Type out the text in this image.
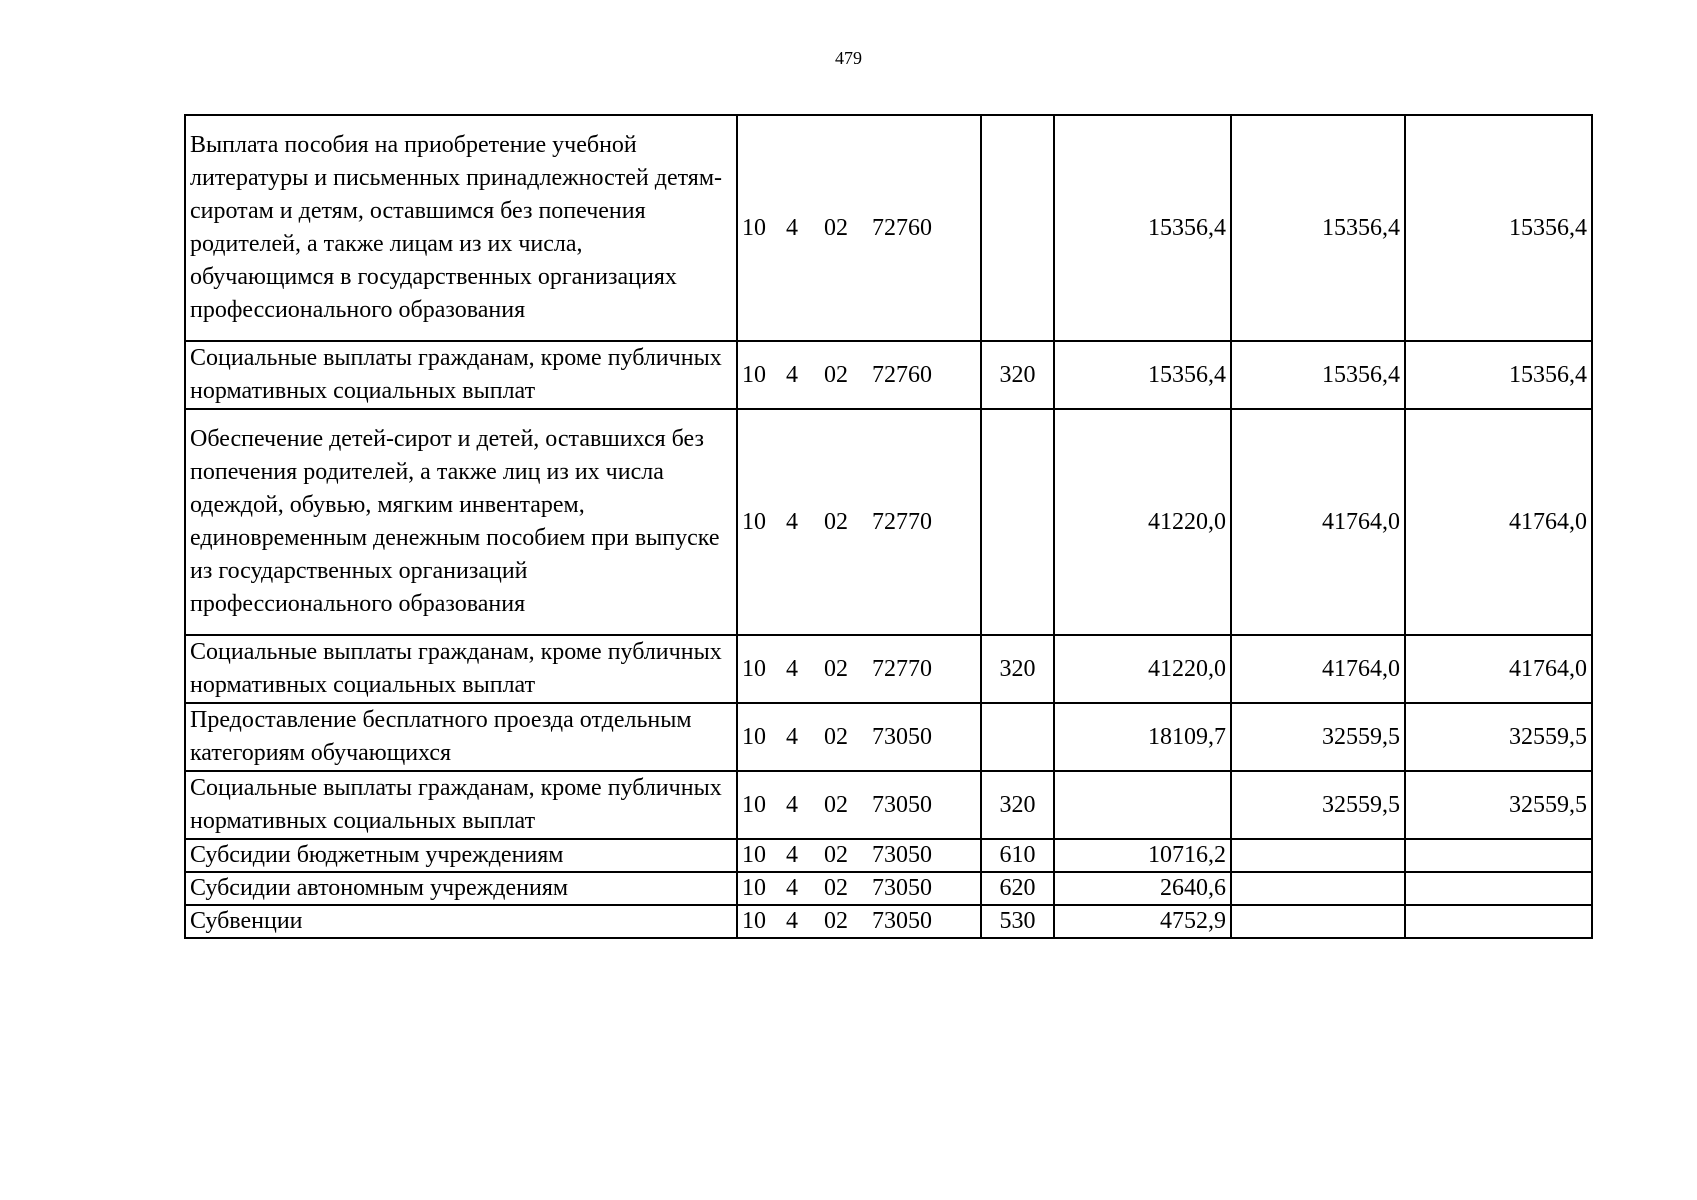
479
Выплата пособия на приобретение учебной литературы и письменных принадлежностей детям-сиротам и детям, оставшимся без попечения родителей, а также лицам из их числа, обучающимся в государственных организациях профессионального образования	10 4 02 72760		15356,4	15356,4	15356,4
Социальные выплаты гражданам, кроме публичных нормативных социальных выплат	10 4 02 72760	320	15356,4	15356,4	15356,4
Обеспечение детей-сирот и детей, оставшихся без попечения родителей, а также лиц из их числа одеждой, обувью, мягким инвентарем, единовременным денежным пособием при выпуске из государственных организаций профессионального образования	10 4 02 72770		41220,0	41764,0	41764,0
Социальные выплаты гражданам, кроме публичных нормативных социальных выплат	10 4 02 72770	320	41220,0	41764,0	41764,0
Предоставление бесплатного проезда отдельным категориям обучающихся	10 4 02 73050		18109,7	32559,5	32559,5
Социальные выплаты гражданам, кроме публичных нормативных социальных выплат	10 4 02 73050	320		32559,5	32559,5
Субсидии бюджетным учреждениям	10 4 02 73050	610	10716,2		
Субсидии автономным учреждениям	10 4 02 73050	620	2640,6		
Субвенции	10 4 02 73050	530	4752,9		
